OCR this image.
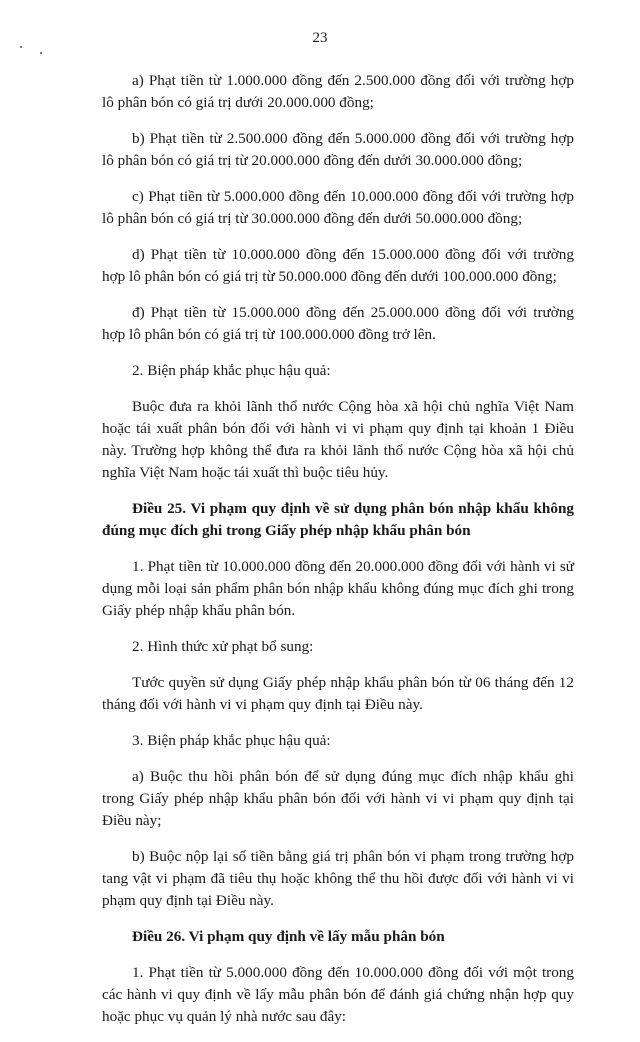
23

a) Phạt tiền từ 1.000.000 đồng đến 2.500.000 đồng đối với trường hợp lô phân bón có giá trị dưới 20.000.000 đồng;

b) Phạt tiền từ 2.500.000 đồng đến 5.000.000 đồng đối với trường hợp lô phân bón có giá trị từ 20.000.000 đồng đến dưới 30.000.000 đồng;

c) Phạt tiền từ 5.000.000 đồng đến 10.000.000 đồng đối với trường hợp lô phân bón có giá trị từ 30.000.000 đồng đến dưới 50.000.000 đồng;

d) Phạt tiền từ 10.000.000 đồng đến 15.000.000 đồng đối với trường hợp lô phân bón có giá trị từ 50.000.000 đồng đến dưới 100.000.000 đồng;

đ) Phạt tiền từ 15.000.000 đồng đến 25.000.000 đồng đối với trường hợp lô phân bón có giá trị từ 100.000.000 đồng trở lên.

2. Biện pháp khắc phục hậu quả:

Buộc đưa ra khỏi lãnh thổ nước Cộng hòa xã hội chủ nghĩa Việt Nam hoặc tái xuất phân bón đối với hành vi vi phạm quy định tại khoản 1 Điều này. Trường hợp không thể đưa ra khỏi lãnh thổ nước Cộng hòa xã hội chủ nghĩa Việt Nam hoặc tái xuất thì buộc tiêu hủy.

Điều 25. Vi phạm quy định về sử dụng phân bón nhập khẩu không đúng mục đích ghi trong Giấy phép nhập khẩu phân bón

1. Phạt tiền từ 10.000.000 đồng đến 20.000.000 đồng đối với hành vi sử dụng mỗi loại sản phẩm phân bón nhập khẩu không đúng mục đích ghi trong Giấy phép nhập khẩu phân bón.

2. Hình thức xử phạt bổ sung:

Tước quyền sử dụng Giấy phép nhập khẩu phân bón từ 06 tháng đến 12 tháng đối với hành vi vi phạm quy định tại Điều này.

3. Biện pháp khắc phục hậu quả:

a) Buộc thu hồi phân bón để sử dụng đúng mục đích nhập khẩu ghi trong Giấy phép nhập khẩu phân bón đối với hành vi vi phạm quy định tại Điều này;

b) Buộc nộp lại số tiền bằng giá trị phân bón vi phạm trong trường hợp tang vật vi phạm đã tiêu thụ hoặc không thể thu hồi được đối với hành vi vi phạm quy định tại Điều này.

Điều 26. Vi phạm quy định về lấy mẫu phân bón

1. Phạt tiền từ 5.000.000 đồng đến 10.000.000 đồng đối với một trong các hành vi quy định về lấy mẫu phân bón để đánh giá chứng nhận hợp quy hoặc phục vụ quản lý nhà nước sau đây:
